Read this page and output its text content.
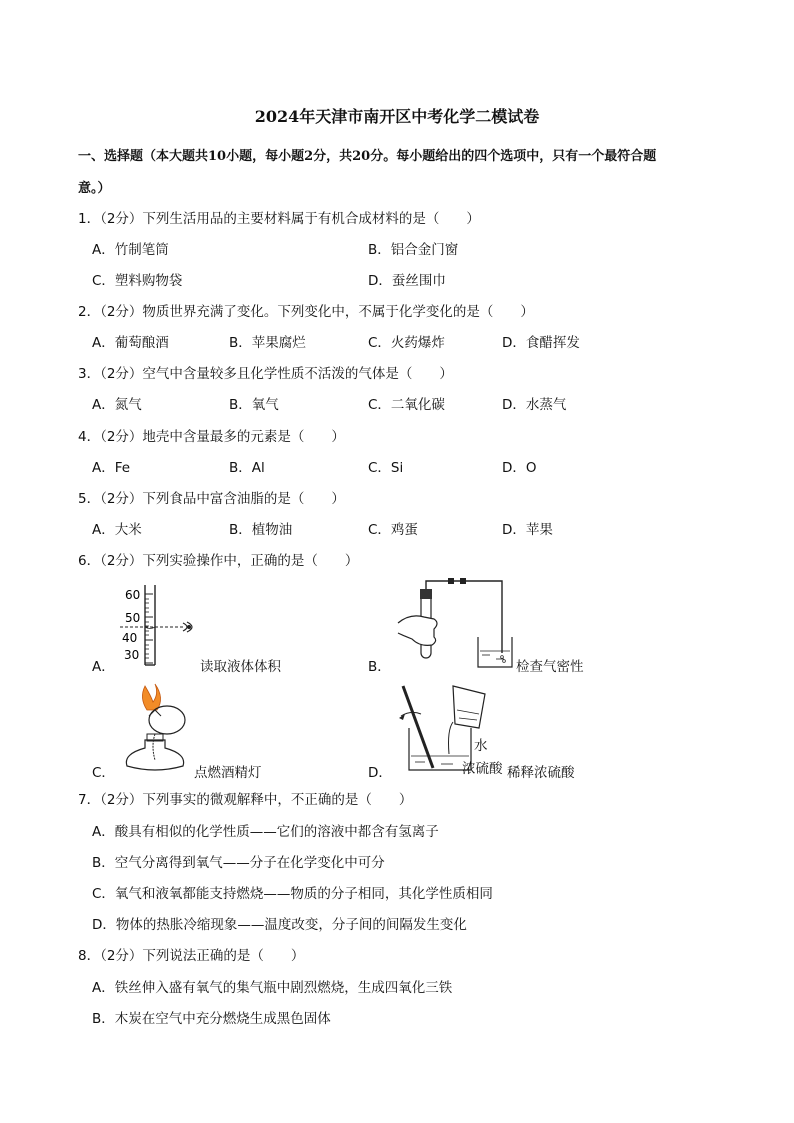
2024年天津市南开区中考化学二模试卷
一、选择题（本大题共10小题，每小题2分，共20分。每小题给出的四个选项中，只有一个最符合题
意。）
1．（2分）下列生活用品的主要材料属于有机合成材料的是（　　）
A．竹制笔筒	B．铝合金门窗
C．塑料购物袋	D．蚕丝围巾
2．（2分）物质世界充满了变化。下列变化中，不属于化学变化的是（　　）
A．葡萄酿酒	B．苹果腐烂	C．火药爆炸	D．食醋挥发
3．（2分）空气中含量较多且化学性质不活泼的气体是（　　）
A．氮气	B．氧气	C．二氧化碳	D．水蒸气
4．（2分）地壳中含量最多的元素是（　　）
A．Fe	B．Al	C．Si	D．O
5．（2分）下列食品中富含油脂的是（　　）
A．大米	B．植物油	C．鸡蛋	D．苹果
6．（2分）下列实验操作中，正确的是（　　）
A．
60
50
40
30
读取液体体积	B．	检查气密性
C．	点燃酒精灯	D．
水
浓硫酸 稀释浓硫酸
7．（2分）下列事实的微观解释中，不正确的是（　　）
A．酸具有相似的化学性质——它们的溶液中都含有氢离子
B．空气分离得到氧气——分子在化学变化中可分
C．氧气和液氧都能支持燃烧——物质的分子相同，其化学性质相同
D．物体的热胀冷缩现象——温度改变，分子间的间隔发生变化
8．（2分）下列说法正确的是（　　）
A．铁丝伸入盛有氧气的集气瓶中剧烈燃烧，生成四氧化三铁
B．木炭在空气中充分燃烧生成黑色固体
